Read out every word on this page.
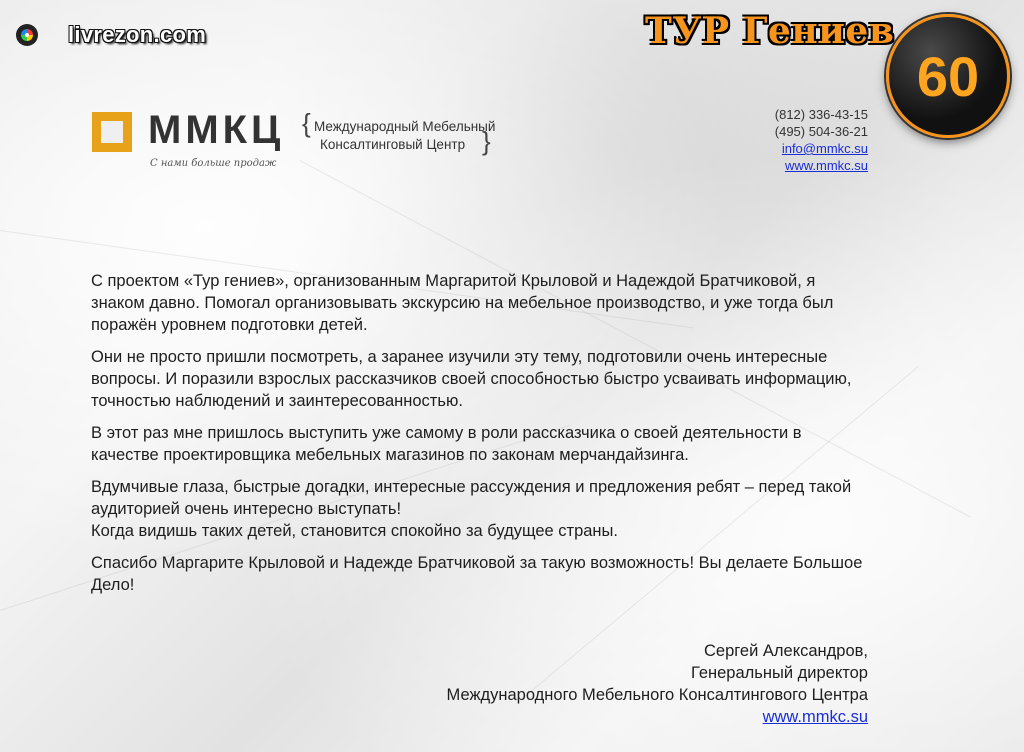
livrezon.com	ТУР Гениев
60
ММКЦ
С нами больше продаж
{ Международный Мебельный
Консалтинговый Центр }
(812) 336-43-15
(495) 504-36-21
info@mmkc.su
www.mmkc.su

С проектом «Тур гениев», организованным Маргаритой Крыловой и Надеждой Братчиковой, я знаком давно. Помогал организовывать экскурсию на мебельное производство, и уже тогда был поражён уровнем подготовки детей.

Они не просто пришли посмотреть, а заранее изучили эту тему, подготовили очень интересные вопросы. И поразили взрослых рассказчиков своей способностью быстро усваивать информацию, точностью наблюдений и заинтересованностью.

В этот раз мне пришлось выступить уже самому в роли рассказчика о своей деятельности в качестве проектировщика мебельных магазинов по законам мерчандайзинга.

Вдумчивые глаза, быстрые догадки, интересные рассуждения и предложения ребят – перед такой аудиторией очень интересно выступать!

Когда видишь таких детей, становится спокойно за будущее страны.

Спасибо Маргарите Крыловой и Надежде Братчиковой за такую возможность! Вы делаете Большое Дело!

Сергей Александров,
Генеральный директор
Международного Мебельного Консалтингового Центра
www.mmkc.su
